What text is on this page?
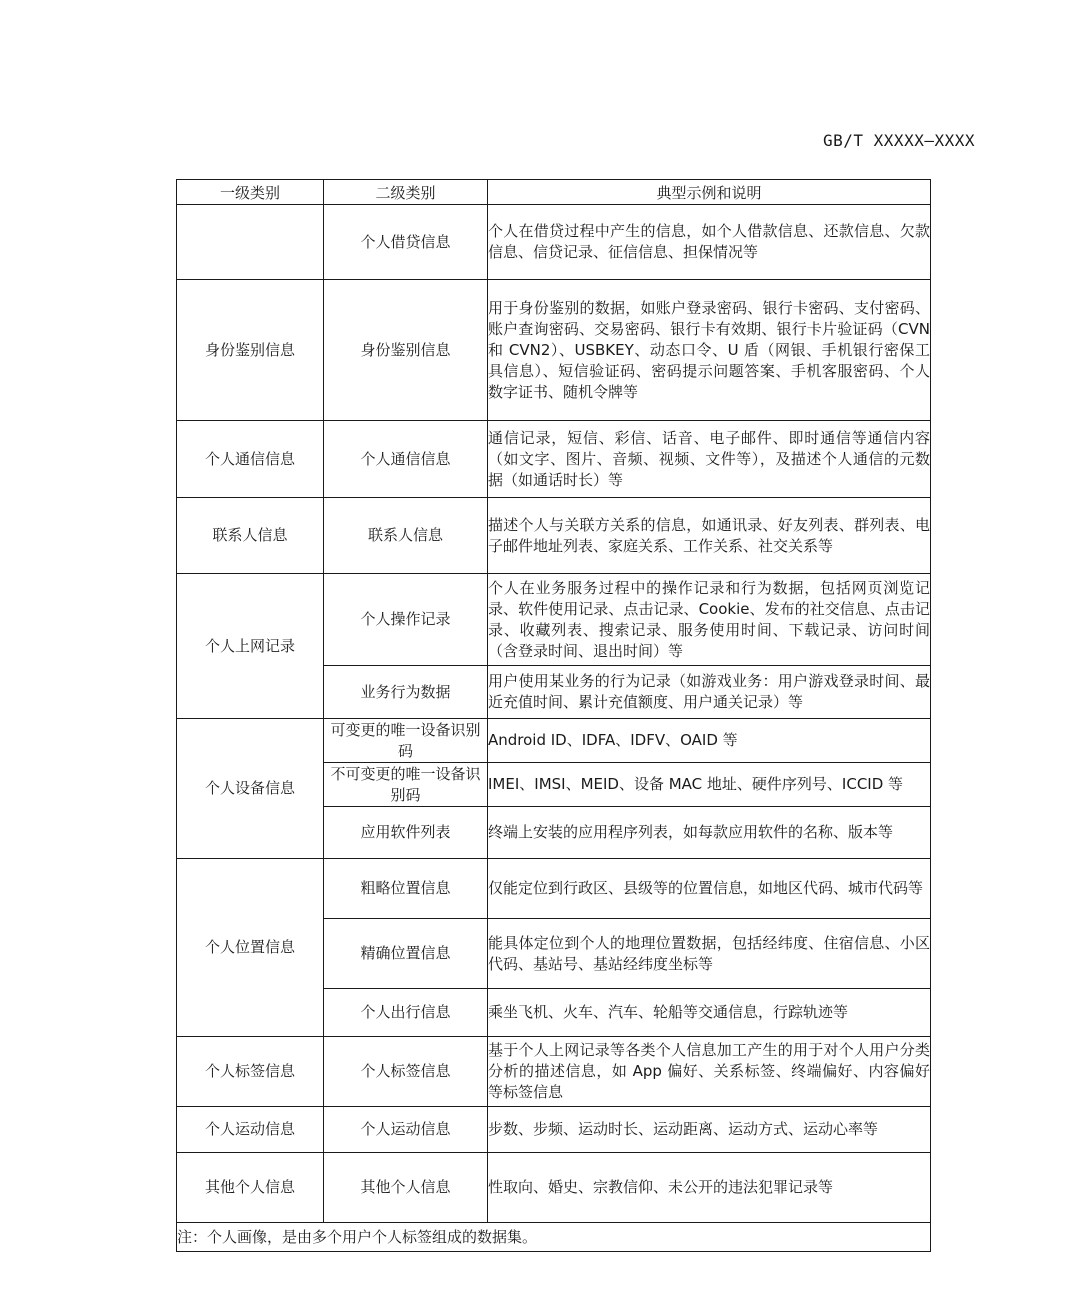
GB/T XXXXX—XXXX
一级类别	二级类别	典型示例和说明
	个人借贷信息	个人在借贷过程中产生的信息，如个人借款信息、还款信息、欠款信息、信贷记录、征信信息、担保情况等
身份鉴别信息	身份鉴别信息	用于身份鉴别的数据，如账户登录密码、银行卡密码、支付密码、账户查询密码、交易密码、银行卡有效期、银行卡片验证码（CVN 和 CVN2）、USBKEY、动态口令、U 盾（网银、手机银行密保工具信息）、短信验证码、密码提示问题答案、手机客服密码、个人数字证书、随机令牌等
个人通信信息	个人通信信息	通信记录，短信、彩信、话音、电子邮件、即时通信等通信内容（如文字、图片、音频、视频、文件等），及描述个人通信的元数据（如通话时长）等
联系人信息	联系人信息	描述个人与关联方关系的信息，如通讯录、好友列表、群列表、电子邮件地址列表、家庭关系、工作关系、社交关系等
个人上网记录	个人操作记录	个人在业务服务过程中的操作记录和行为数据，包括网页浏览记录、软件使用记录、点击记录、Cookie、发布的社交信息、点击记录、收藏列表、搜索记录、服务使用时间、下载记录、访问时间（含登录时间、退出时间）等
	业务行为数据	用户使用某业务的行为记录（如游戏业务：用户游戏登录时间、最近充值时间、累计充值额度、用户通关记录）等
个人设备信息	可变更的唯一设备识别码	Android ID、IDFA、IDFV、OAID 等
	不可变更的唯一设备识别码	IMEI、IMSI、MEID、设备 MAC 地址、硬件序列号、ICCID 等
	应用软件列表	终端上安装的应用程序列表，如每款应用软件的名称、版本等
个人位置信息	粗略位置信息	仅能定位到行政区、县级等的位置信息，如地区代码、城市代码等
	精确位置信息	能具体定位到个人的地理位置数据，包括经纬度、住宿信息、小区代码、基站号、基站经纬度坐标等
	个人出行信息	乘坐飞机、火车、汽车、轮船等交通信息，行踪轨迹等
个人标签信息	个人标签信息	基于个人上网记录等各类个人信息加工产生的用于对个人用户分类分析的描述信息，如 App 偏好、关系标签、终端偏好、内容偏好等标签信息
个人运动信息	个人运动信息	步数、步频、运动时长、运动距离、运动方式、运动心率等
其他个人信息	其他个人信息	性取向、婚史、宗教信仰、未公开的违法犯罪记录等
注：个人画像，是由多个用户个人标签组成的数据集。		
